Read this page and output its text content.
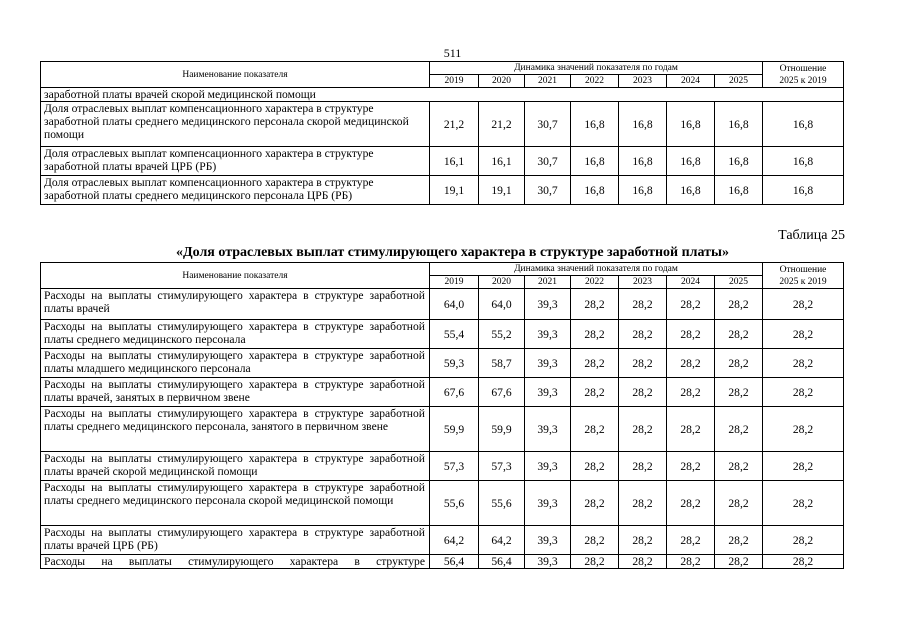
511
Наименование показателя	Динамика значений показателя по годам							Отношение
2025 к 2019

	2019	2020	2021	2022	2023	2024	2025	
заработной платы врачей скорой медицинской помощи								
Доля отраслевых выплат компенсационного характера в структуре заработной платы среднего медицинского персонала скорой медицинской помощи	21,2	21,2	30,7	16,8	16,8	16,8	16,8	16,8
Доля отраслевых выплат компенсационного характера в структуре заработной платы врачей ЦРБ (РБ)	16,1	16,1	30,7	16,8	16,8	16,8	16,8	16,8
Доля отраслевых выплат компенсационного характера в структуре заработной платы среднего медицинского персонала ЦРБ (РБ)	19,1	19,1	30,7	16,8	16,8	16,8	16,8	16,8
Таблица 25
«Доля отраслевых выплат стимулирующего характера в структуре заработной платы»
Наименование показателя	Динамика значений показателя по годам							Отношение
2025 к 2019

	2019	2020	2021	2022	2023	2024	2025	
Расходы на выплаты стимулирующего характера в структуре заработной платы врачей	64,0	64,0	39,3	28,2	28,2	28,2	28,2	28,2
Расходы на выплаты стимулирующего характера в структуре заработной платы среднего медицинского персонала	55,4	55,2	39,3	28,2	28,2	28,2	28,2	28,2
Расходы на выплаты стимулирующего характера в структуре заработной платы младшего медицинского персонала	59,3	58,7	39,3	28,2	28,2	28,2	28,2	28,2
Расходы на выплаты стимулирующего характера в структуре заработной платы врачей, занятых в первичном звене	67,6	67,6	39,3	28,2	28,2	28,2	28,2	28,2
Расходы на выплаты стимулирующего характера в структуре заработной платы среднего медицинского персонала, занятого в первичном звене	59,9	59,9	39,3	28,2	28,2	28,2	28,2	28,2
Расходы на выплаты стимулирующего характера в структуре заработной платы врачей скорой медицинской помощи	57,3	57,3	39,3	28,2	28,2	28,2	28,2	28,2
Расходы на выплаты стимулирующего характера в структуре заработной платы среднего медицинского персонала скорой медицинской помощи	55,6	55,6	39,3	28,2	28,2	28,2	28,2	28,2
Расходы на выплаты стимулирующего характера в структуре заработной платы врачей ЦРБ (РБ)	64,2	64,2	39,3	28,2	28,2	28,2	28,2	28,2
Расходы на выплаты стимулирующего характера в структуре	56,4	56,4	39,3	28,2	28,2	28,2	28,2	28,2
